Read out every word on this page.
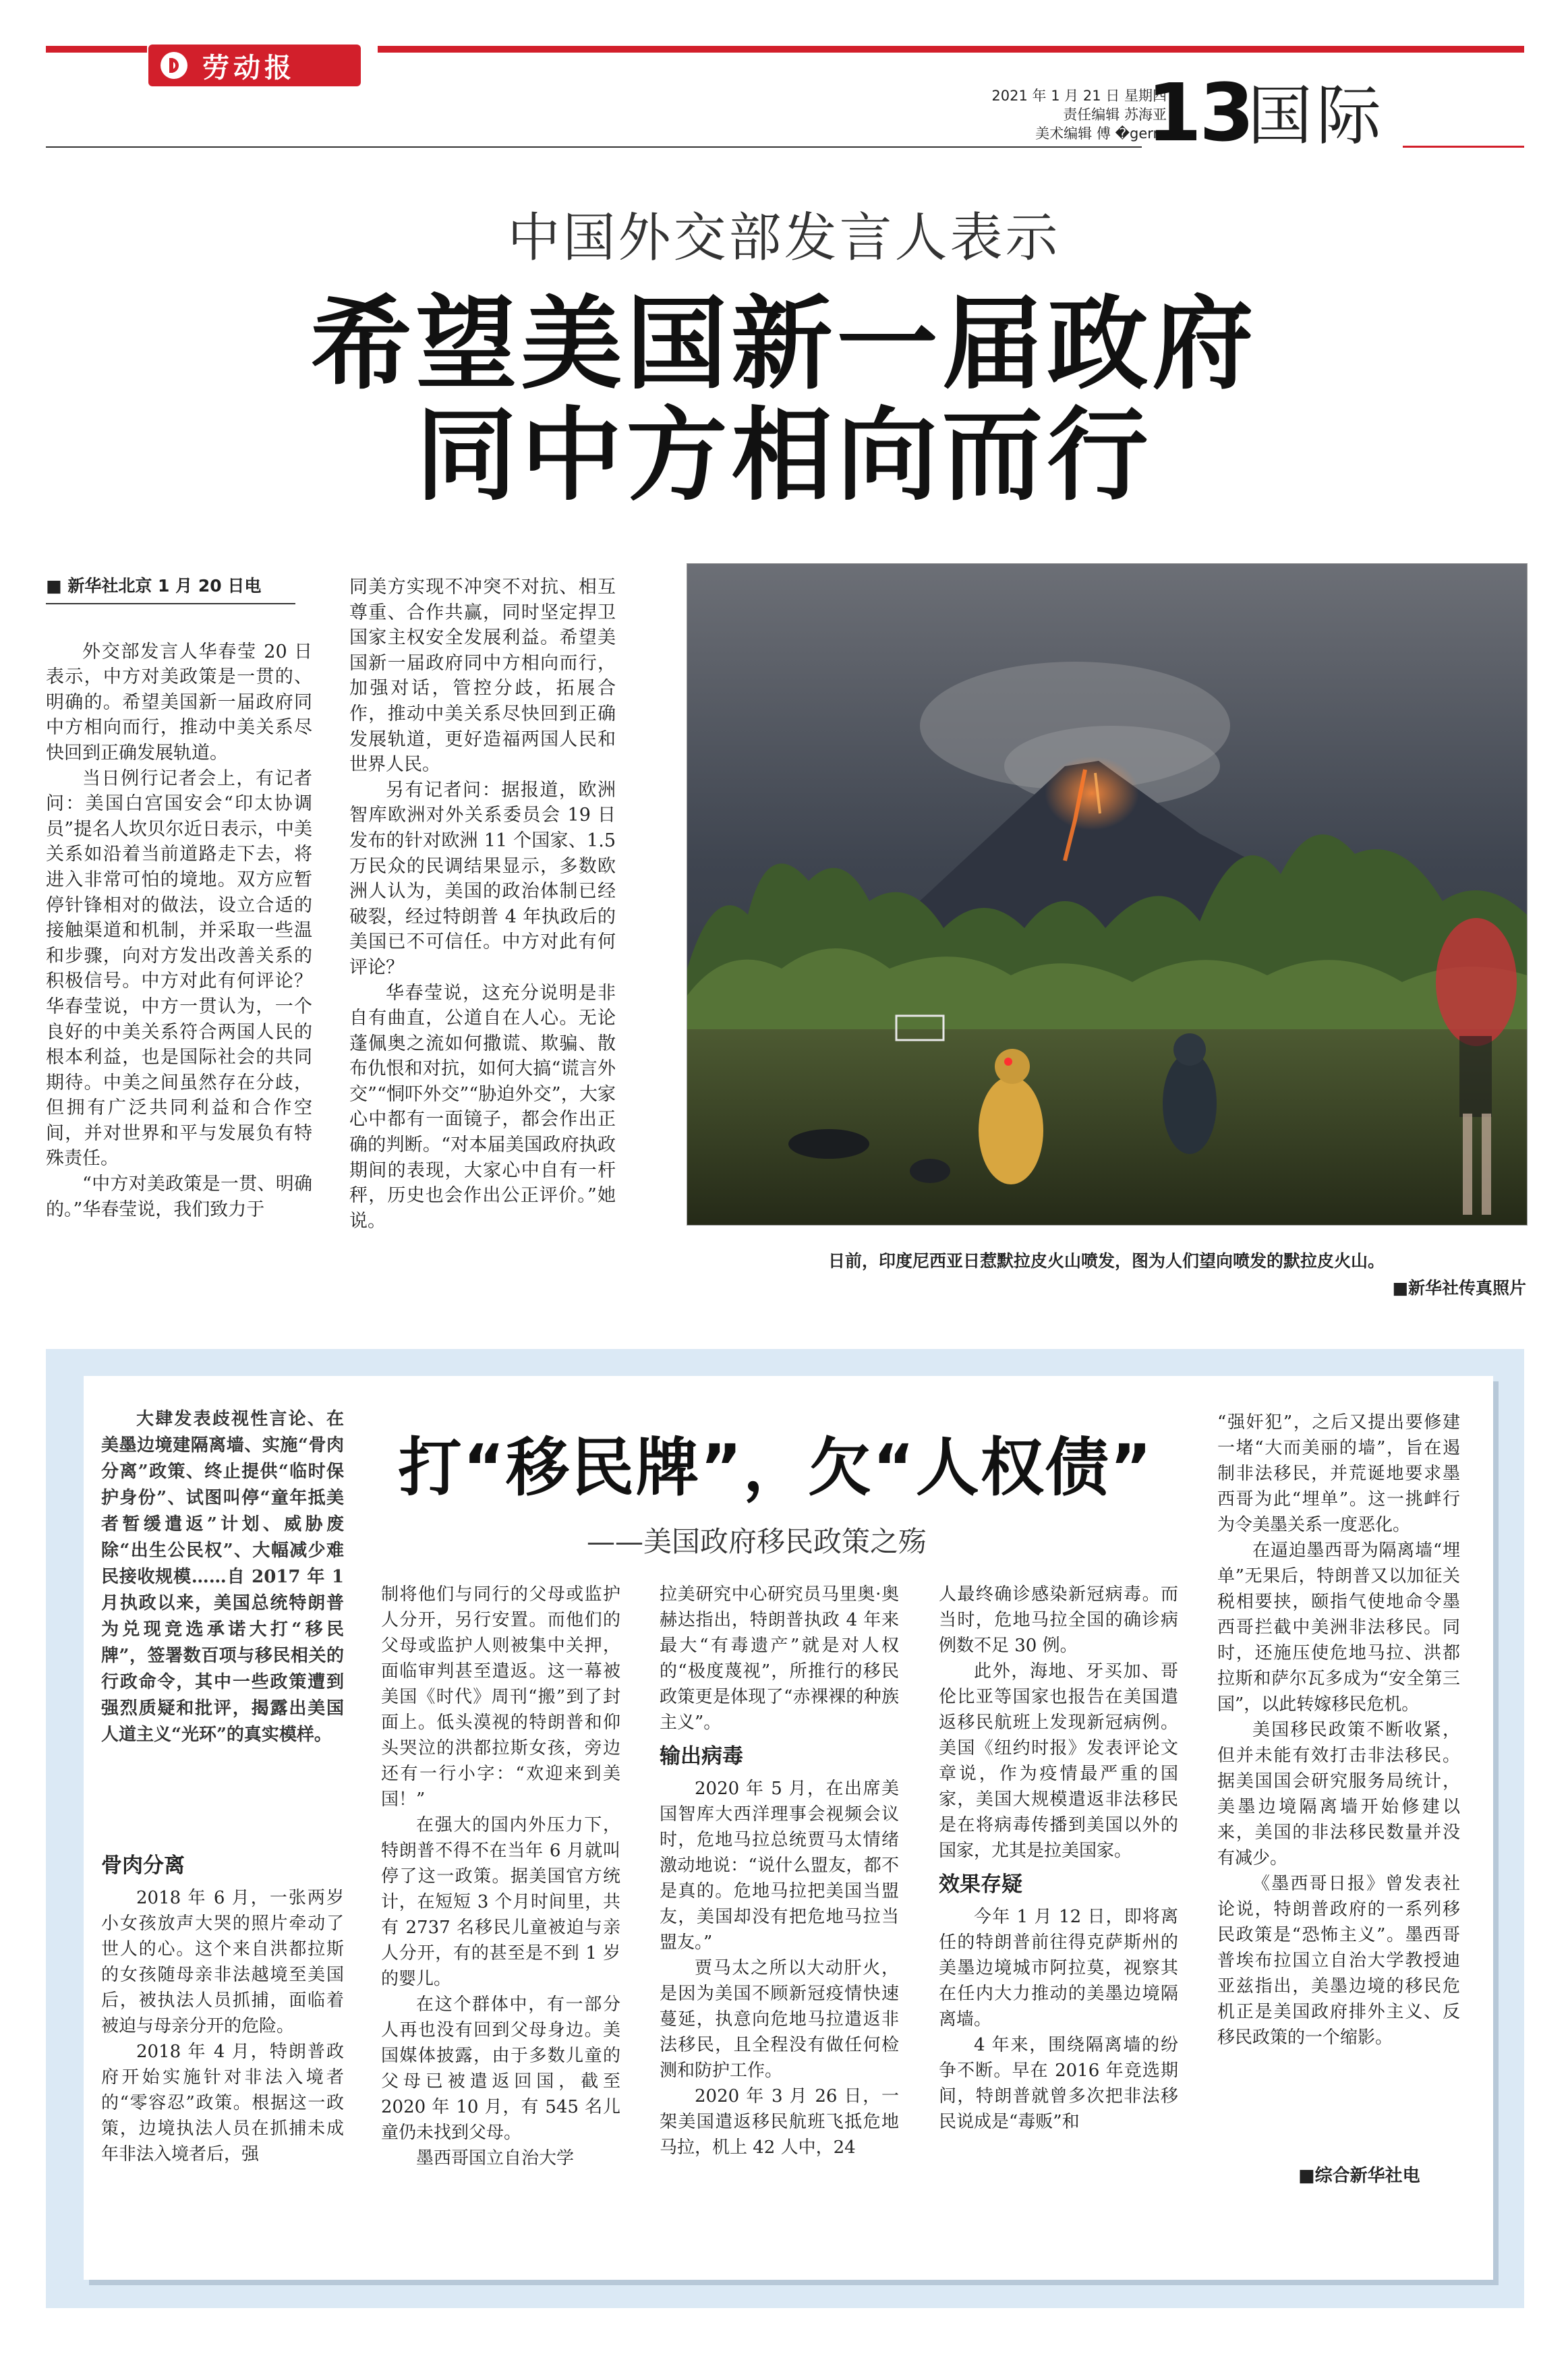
劳动报
2021 年 1 月 21 日 星期四
责任编辑 苏海亚
美术编辑 傅 �germ
13
国际
中国外交部发言人表示
希望美国新一届政府
同中方相向而行

■ 新华社北京 1 月 20 日电

外交部发言人华春莹 20 日表示，中方对美政策是一贯的、明确的。希望美国新一届政府同中方相向而行，推动中美关系尽快回到正确发展轨道。

当日例行记者会上，有记者问：美国白宫国安会“印太协调员”提名人坎贝尔近日表示，中美关系如沿着当前道路走下去，将进入非常可怕的境地。双方应暂停针锋相对的做法，设立合适的接触渠道和机制，并采取一些温和步骤，向对方发出改善关系的积极信号。中方对此有何评论？华春莹说，中方一贯认为，一个良好的中美关系符合两国人民的根本利益，也是国际社会的共同期待。中美之间虽然存在分歧，但拥有广泛共同利益和合作空间，并对世界和平与发展负有特殊责任。

“中方对美政策是一贯、明确的。”华春莹说，我们致力于

同美方实现不冲突不对抗、相互尊重、合作共赢，同时坚定捍卫国家主权安全发展利益。希望美国新一届政府同中方相向而行，加强对话，管控分歧，拓展合作，推动中美关系尽快回到正确发展轨道，更好造福两国人民和世界人民。

另有记者问：据报道，欧洲智库欧洲对外关系委员会 19 日发布的针对欧洲 11 个国家、1.5 万民众的民调结果显示，多数欧洲人认为，美国的政治体制已经破裂，经过特朗普 4 年执政后的美国已不可信任。中方对此有何评论？

华春莹说，这充分说明是非自有曲直，公道自在人心。无论蓬佩奥之流如何撒谎、欺骗、散布仇恨和对抗，如何大搞“谎言外交”“恫吓外交”“胁迫外交”，大家心中都有一面镜子，都会作出正确的判断。“对本届美国政府执政期间的表现，大家心中自有一杆秤，历史也会作出公正评价。”她说。

日前，印度尼西亚日惹默拉皮火山喷发，图为人们望向喷发的默拉皮火山。
■新华社传真照片

大肆发表歧视性言论、在美墨边境建隔离墙、实施“骨肉分离”政策、终止提供“临时保护身份”、试图叫停“童年抵美者暂缓遣返”计划、威胁废除“出生公民权”、大幅减少难民接收规模……自 2017 年 1 月执政以来，美国总统特朗普为兑现竞选承诺大打“移民牌”，签署数百项与移民相关的行政命令，其中一些政策遭到强烈质疑和批评，揭露出美国人道主义“光环”的真实模样。

打“移民牌”，欠“人权债”
——美国政府移民政策之殇

骨肉分离

2018 年 6 月，一张两岁小女孩放声大哭的照片牵动了世人的心。这个来自洪都拉斯的女孩随母亲非法越境至美国后，被执法人员抓捕，面临着被迫与母亲分开的危险。

2018 年 4 月，特朗普政府开始实施针对非法入境者的“零容忍”政策。根据这一政策，边境执法人员在抓捕未成年非法入境者后，强

制将他们与同行的父母或监护人分开，另行安置。而他们的父母或监护人则被集中关押，面临审判甚至遣返。这一幕被美国《时代》周刊“搬”到了封面上。低头漠视的特朗普和仰头哭泣的洪都拉斯女孩，旁边还有一行小字：“欢迎来到美国！”

在强大的国内外压力下，特朗普不得不在当年 6 月就叫停了这一政策。据美国官方统计，在短短 3 个月时间里，共有 2737 名移民儿童被迫与亲人分开，有的甚至是不到 1 岁的婴儿。

在这个群体中，有一部分人再也没有回到父母身边。美国媒体披露，由于多数儿童的父母已被遣返回国，截至 2020 年 10 月，有 545 名儿童仍未找到父母。

墨西哥国立自治大学

拉美研究中心研究员马里奥·奥赫达指出，特朗普执政 4 年来最大“有毒遗产”就是对人权的“极度蔑视”，所推行的移民政策更是体现了“赤裸裸的种族主义”。

输出病毒

2020 年 5 月，在出席美国智库大西洋理事会视频会议时，危地马拉总统贾马太情绪激动地说：“说什么盟友，都不是真的。危地马拉把美国当盟友，美国却没有把危地马拉当盟友。”

贾马太之所以大动肝火，是因为美国不顾新冠疫情快速蔓延，执意向危地马拉遣返非法移民，且全程没有做任何检测和防护工作。

2020 年 3 月 26 日，一架美国遣返移民航班飞抵危地马拉，机上 42 人中，24

人最终确诊感染新冠病毒。而当时，危地马拉全国的确诊病例数不足 30 例。

此外，海地、牙买加、哥伦比亚等国家也报告在美国遣返移民航班上发现新冠病例。美国《纽约时报》发表评论文章说，作为疫情最严重的国家，美国大规模遣返非法移民是在将病毒传播到美国以外的国家，尤其是拉美国家。

效果存疑

今年 1 月 12 日，即将离任的特朗普前往得克萨斯州的美墨边境城市阿拉莫，视察其在任内大力推动的美墨边境隔离墙。

4 年来，围绕隔离墙的纷争不断。早在 2016 年竞选期间，特朗普就曾多次把非法移民说成是“毒贩”和

“强奸犯”，之后又提出要修建一堵“大而美丽的墙”，旨在遏制非法移民，并荒诞地要求墨西哥为此“埋单”。这一挑衅行为令美墨关系一度恶化。

在逼迫墨西哥为隔离墙“埋单”无果后，特朗普又以加征关税相要挟，颐指气使地命令墨西哥拦截中美洲非法移民。同时，还施压使危地马拉、洪都拉斯和萨尔瓦多成为“安全第三国”，以此转嫁移民危机。

美国移民政策不断收紧，但并未能有效打击非法移民。据美国国会研究服务局统计，美墨边境隔离墙开始修建以来，美国的非法移民数量并没有减少。

《墨西哥日报》曾发表社论说，特朗普政府的一系列移民政策是“恐怖主义”。墨西哥普埃布拉国立自治大学教授迪亚兹指出，美墨边境的移民危机正是美国政府排外主义、反移民政策的一个缩影。

■综合新华社电
